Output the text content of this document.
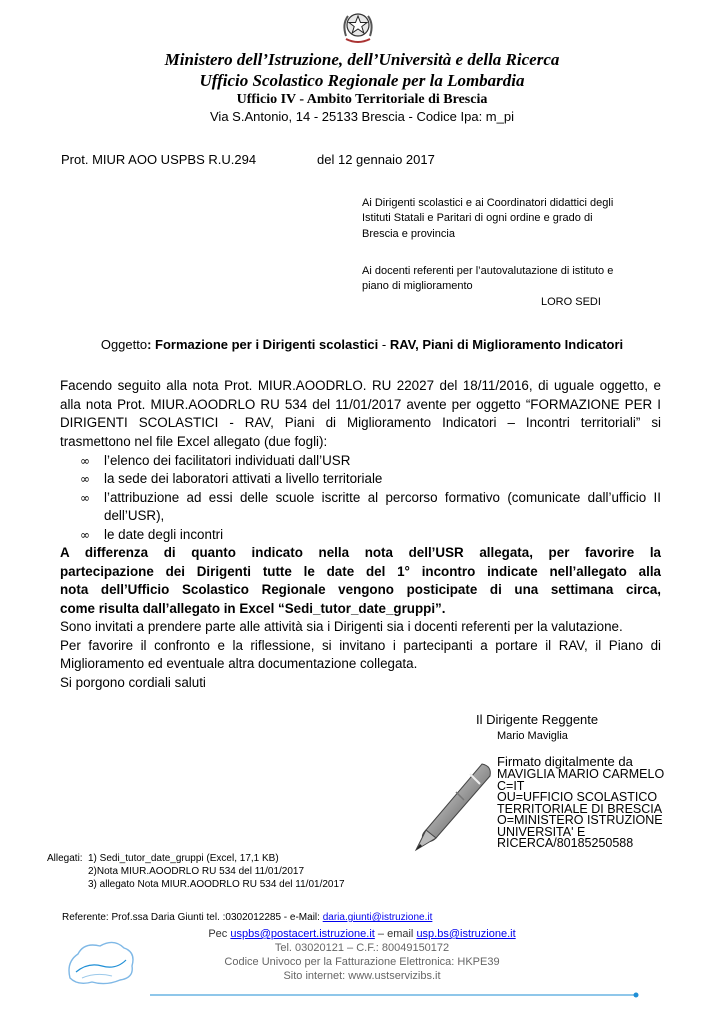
Ministero dell’Istruzione, dell’Università e della Ricerca
Ufficio Scolastico Regionale per la Lombardia
Ufficio IV - Ambito Territoriale di Brescia
Via S.Antonio, 14 - 25133 Brescia - Codice Ipa: m_pi
Prot. MIUR AOO USPBS R.U.294	del 12 gennaio 2017
Ai Dirigenti scolastici e ai Coordinatori didattici degli
Istituti Statali e Paritari di ogni ordine e grado di
Brescia e provincia
Ai docenti referenti per l’autovalutazione di istituto e
piano di miglioramento
LORO SEDI
Oggetto: Formazione per i Dirigenti scolastici - RAV, Piani di Miglioramento Indicatori
Facendo seguito alla nota Prot. MIUR.AOODRLO. RU 22027 del 18/11/2016, di uguale oggetto, e
alla nota Prot. MIUR.AOODRLO RU 534 del 11/01/2017 avente per oggetto “FORMAZIONE PER I
DIRIGENTI SCOLASTICI - RAV, Piani di Miglioramento Indicatori – Incontri territoriali” si
trasmettono nel file Excel allegato (due fogli):
∞ l’elenco dei facilitatori individuati dall’USR
∞ la sede dei laboratori attivati a livello territoriale
∞ l’attribuzione ad essi delle scuole iscritte al percorso formativo (comunicate dall’ufficio II
dell’USR),
∞ le date degli incontri
A differenza di quanto indicato nella nota dell’USR allegata, per favorire la
partecipazione dei Dirigenti tutte le date del 1° incontro indicate nell’allegato alla
nota dell’Ufficio Scolastico Regionale vengono posticipate di una settimana circa,
come risulta dall’allegato in Excel “Sedi_tutor_date_gruppi”.
Sono invitati a prendere parte alle attività sia i Dirigenti sia i docenti referenti per la valutazione.
Per favorire il confronto e la riflessione, si invitano i partecipanti a portare il RAV, il Piano di
Miglioramento ed eventuale altra documentazione collegata.
Si porgono cordiali saluti
Il Dirigente Reggente
Mario Maviglia
Firmato digitalmente da
MAVIGLIA MARIO CARMELO
C=IT
OU=UFFICIO SCOLASTICO
TERRITORIALE DI BRESCIA
O=MINISTERO ISTRUZIONE
UNIVERSITA' E
RICERCA/80185250588
Allegati: 1) Sedi_tutor_date_gruppi (Excel, 17,1 KB)
2)Nota MIUR.AOODRLO RU 534 del 11/01/2017
3) allegato Nota MIUR.AOODRLO RU 534 del 11/01/2017
Referente: Prof.ssa Daria Giunti tel. :0302012285 - e-Mail: daria.giunti@istruzione.it
Pec uspbs@postacert.istruzione.it – email usp.bs@istruzione.it
Tel. 03020121 – C.F.: 80049150172
Codice Univoco per la Fatturazione Elettronica: HKPE39
Sito internet: www.ustservizibs.it
